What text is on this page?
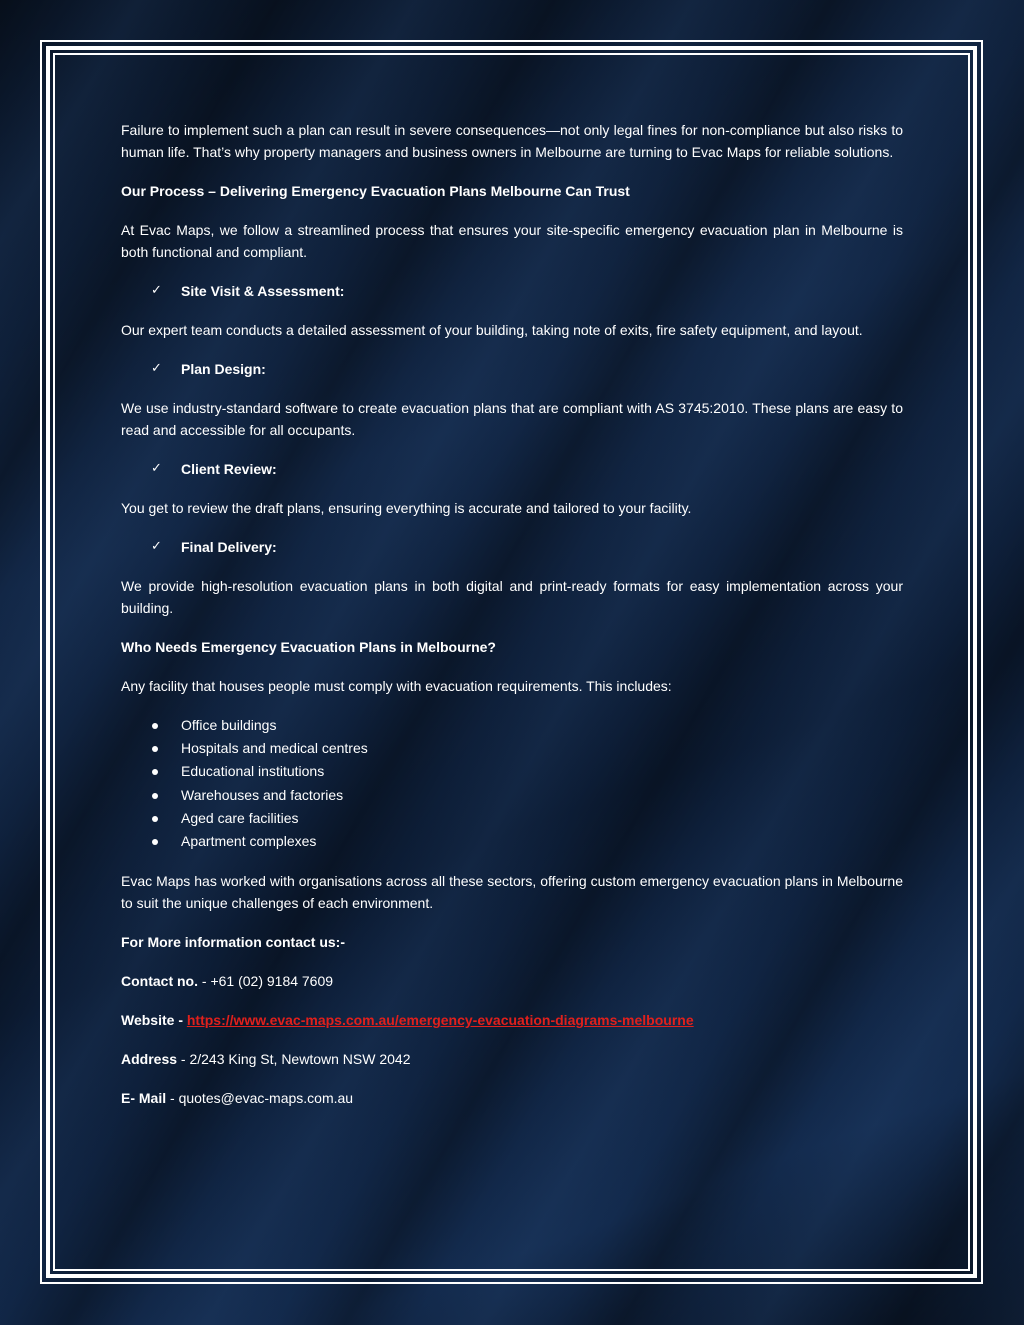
Failure to implement such a plan can result in severe consequences—not only legal fines for non-compliance but also risks to human life. That’s why property managers and business owners in Melbourne are turning to Evac Maps for reliable solutions.

Our Process – Delivering Emergency Evacuation Plans Melbourne Can Trust

At Evac Maps, we follow a streamlined process that ensures your site-specific emergency evacuation plan in Melbourne is both functional and compliant.

✓ Site Visit & Assessment:

Our expert team conducts a detailed assessment of your building, taking note of exits, fire safety equipment, and layout.

✓ Plan Design:

We use industry-standard software to create evacuation plans that are compliant with AS 3745:2010. These plans are easy to read and accessible for all occupants.

✓ Client Review:

You get to review the draft plans, ensuring everything is accurate and tailored to your facility.

✓ Final Delivery:

We provide high-resolution evacuation plans in both digital and print-ready formats for easy implementation across your building.

Who Needs Emergency Evacuation Plans in Melbourne?

Any facility that houses people must comply with evacuation requirements. This includes:

Office buildings
Hospitals and medical centres
Educational institutions
Warehouses and factories
Aged care facilities
Apartment complexes

Evac Maps has worked with organisations across all these sectors, offering custom emergency evacuation plans in Melbourne to suit the unique challenges of each environment.

For More information contact us:-

Contact no. - +61 (02) 9184 7609

Website - https://www.evac-maps.com.au/emergency-evacuation-diagrams-melbourne

Address - 2/243 King St, Newtown NSW 2042

E- Mail - quotes@evac-maps.com.au
